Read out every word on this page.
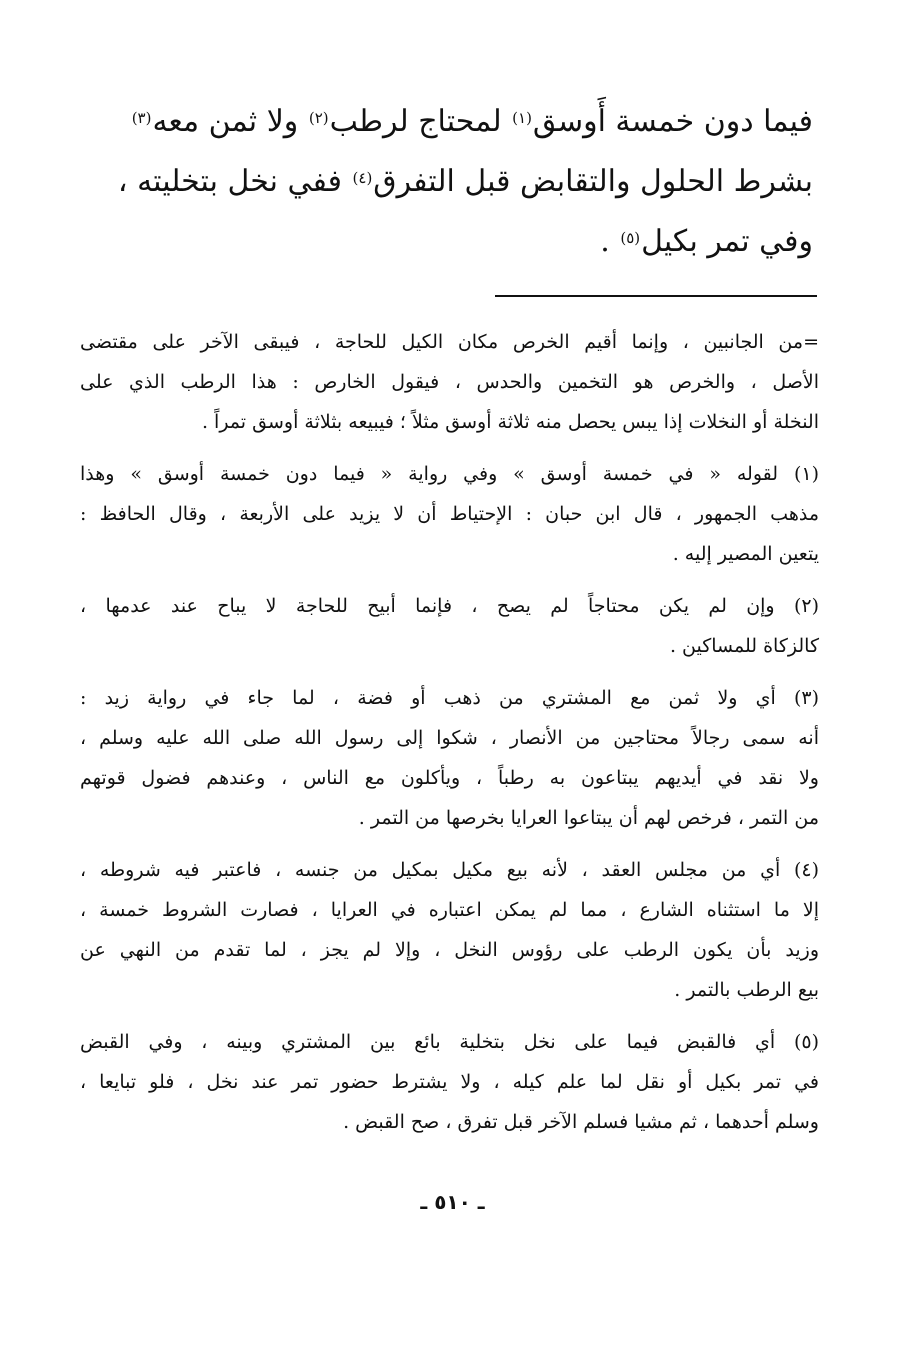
فيما دون خمسة أَوسق$^{(١)}$ لمحتاج لرطب$^{(٢)}$ ولا ثمن معه$^{(٣)}$
بشرط الحلول والتقابض قبل التفرق$^{(٤)}$ ففي نخل بتخليته ،
وفي تمر بكيل$^{(٥)}$ .
=من الجانبين ، وإنما أقيم الخرص مكان الكيل للحاجة ، فيبقى الآخر على مقتضى
الأصل ، والخرص هو التخمين والحدس ، فيقول الخارص : هذا الرطب الذي على
النخلة أو النخلات إذا يبس يحصل منه ثلاثة أوسق مثلاً ؛ فيبيعه بثلاثة أوسق تمراً .
(١) لقوله « في خمسة أوسق » وفي رواية « فيما دون خمسة أوسق » وهذا
مذهب الجمهور ، قال ابن حبان : الإحتياط أن لا يزيد على الأربعة ، وقال الحافظ :
يتعين المصير إليه .
(٢) وإن لم يكن محتاجاً لم يصح ، فإنما أبيح للحاجة لا يباح عند عدمها ،
كالزكاة للمساكين .
(٣) أي ولا ثمن مع المشتري من ذهب أو فضة ، لما جاء في رواية زيد :
أنه سمى رجالاً محتاجين من الأنصار ، شكوا إلى رسول الله صلى الله عليه وسلم ،
ولا نقد في أيديهم يبتاعون به رطباً ، ويأكلون مع الناس ، وعندهم فضول قوتهم
من التمر ، فرخص لهم أن يبتاعوا العرايا بخرصها من التمر .
(٤) أي من مجلس العقد ، لأنه بيع مكيل بمكيل من جنسه ، فاعتبر فيه شروطه ،
إلا ما استثناه الشارع ، مما لم يمكن اعتباره في العرايا ، فصارت الشروط خمسة ،
وزيد بأن يكون الرطب على رؤوس النخل ، وإلا لم يجز ، لما تقدم من النهي عن
بيع الرطب بالتمر .
(٥) أي فالقبض فيما على نخل بتخلية بائع بين المشتري وبينه ، وفي القبض
في تمر بكيل أو نقل لما علم كيله ، ولا يشترط حضور تمر عند نخل ، فلو تبايعا ،
وسلم أحدهما ، ثم مشيا فسلم الآخر قبل تفرق ، صح القبض .
ـ ٥١٠ ـ
